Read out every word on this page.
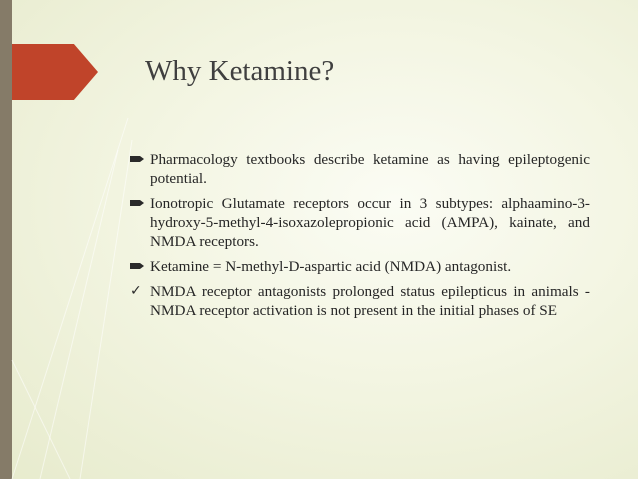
Why Ketamine?
Pharmacology textbooks describe ketamine as having epileptogenic potential.
Ionotropic Glutamate receptors occur in 3 subtypes: alphaamino-3-hydroxy-5-methyl-4-isoxazolepropionic acid (AMPA), kainate, and NMDA receptors.
Ketamine = N-methyl-D-aspartic acid (NMDA) antagonist.
✓ NMDA receptor antagonists prolonged status epilepticus in animals - NMDA receptor activation is not present in the initial phases of SE
